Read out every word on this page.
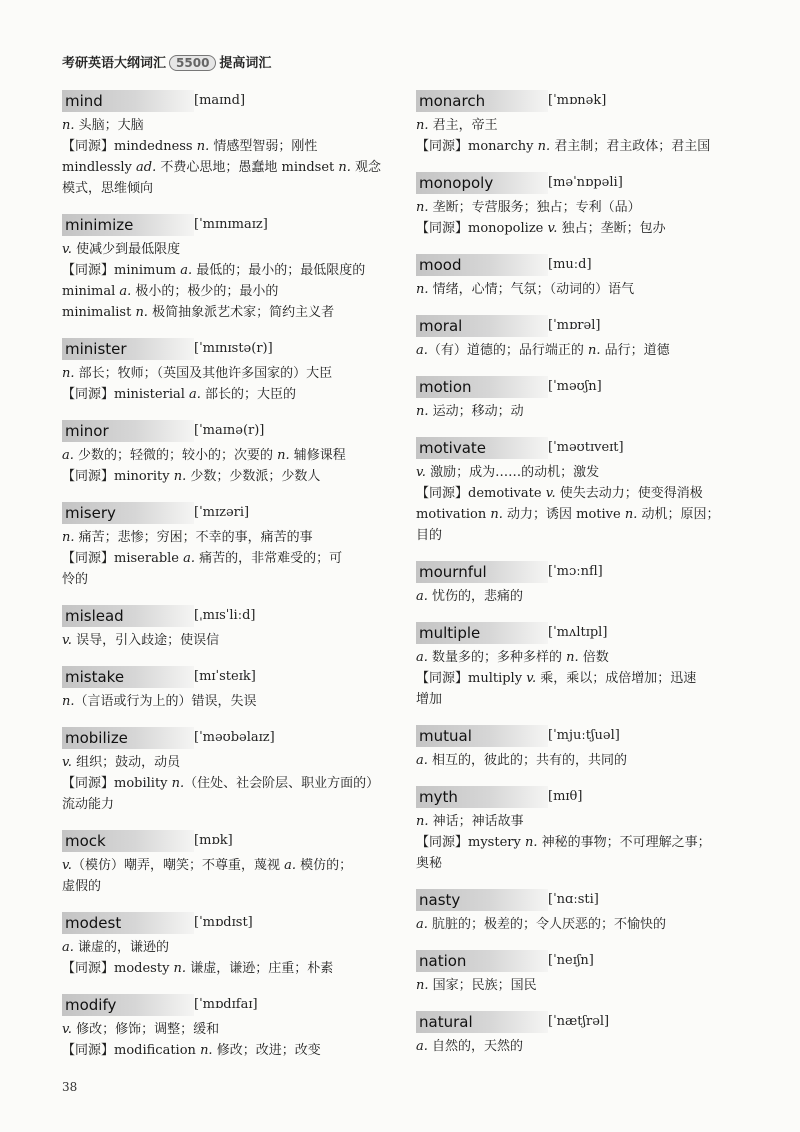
考研英语大纲词汇 5500 提高词汇
mind	[maɪnd]
n. 头脑；大脑
【同源】mindedness n. 情感型智弱；刚性
mindlessly ad. 不费心思地；愚蠢地 mindset n. 观念
模式，思维倾向
minimize	[ˈmɪnɪmaɪz]
v. 使减少到最低限度
【同源】minimum a. 最低的；最小的；最低限度的
minimal a. 极小的；极少的；最小的
minimalist n. 极简抽象派艺术家；简约主义者
minister	[ˈmɪnɪstə(r)]
n. 部长；牧师；（英国及其他许多国家的）大臣
【同源】ministerial a. 部长的；大臣的
minor	[ˈmaɪnə(r)]
a. 少数的；轻微的；较小的；次要的 n. 辅修课程
【同源】minority n. 少数；少数派；少数人
misery	[ˈmɪzəri]
n. 痛苦；悲惨；穷困；不幸的事，痛苦的事
【同源】miserable a. 痛苦的，非常难受的；可
怜的
mislead	[ˌmɪsˈliːd]
v. 误导，引入歧途；使误信
mistake	[mɪˈsteɪk]
n.（言语或行为上的）错误，失误
mobilize	[ˈməʊbəlaɪz]
v. 组织；鼓动，动员
【同源】mobility n.（住处、社会阶层、职业方面的）
流动能力
mock	[mɒk]
v.（模仿）嘲弄，嘲笑；不尊重，蔑视 a. 模仿的；
虚假的
modest	[ˈmɒdɪst]
a. 谦虚的，谦逊的
【同源】modesty n. 谦虚，谦逊；庄重；朴素
modify	[ˈmɒdɪfaɪ]
v. 修改；修饰；调整；缓和
【同源】modification n. 修改；改进；改变
monarch	[ˈmɒnək]
n. 君主，帝王
【同源】monarchy n. 君主制；君主政体；君主国
monopoly	[məˈnɒpəli]
n. 垄断；专营服务；独占；专利（品）
【同源】monopolize v. 独占；垄断；包办
mood	[muːd]
n. 情绪，心情；气氛；（动词的）语气
moral	[ˈmɒrəl]
a.（有）道德的；品行端正的 n. 品行；道德
motion	[ˈməʊʃn]
n. 运动；移动；动
motivate	[ˈməʊtɪveɪt]
v. 激励；成为……的动机；激发
【同源】demotivate v. 使失去动力；使变得消极
motivation n. 动力；诱因 motive n. 动机；原因；
目的
mournful	[ˈmɔːnfl]
a. 忧伤的，悲痛的
multiple	[ˈmʌltɪpl]
a. 数量多的；多种多样的 n. 倍数
【同源】multiply v. 乘，乘以；成倍增加；迅速
增加
mutual	[ˈmjuːtʃuəl]
a. 相互的，彼此的；共有的，共同的
myth	[mɪθ]
n. 神话；神话故事
【同源】mystery n. 神秘的事物；不可理解之事；
奥秘
nasty	[ˈnɑːsti]
a. 肮脏的；极差的；令人厌恶的；不愉快的
nation	[ˈneɪʃn]
n. 国家；民族；国民
natural	[ˈnætʃrəl]
a. 自然的，天然的
38
